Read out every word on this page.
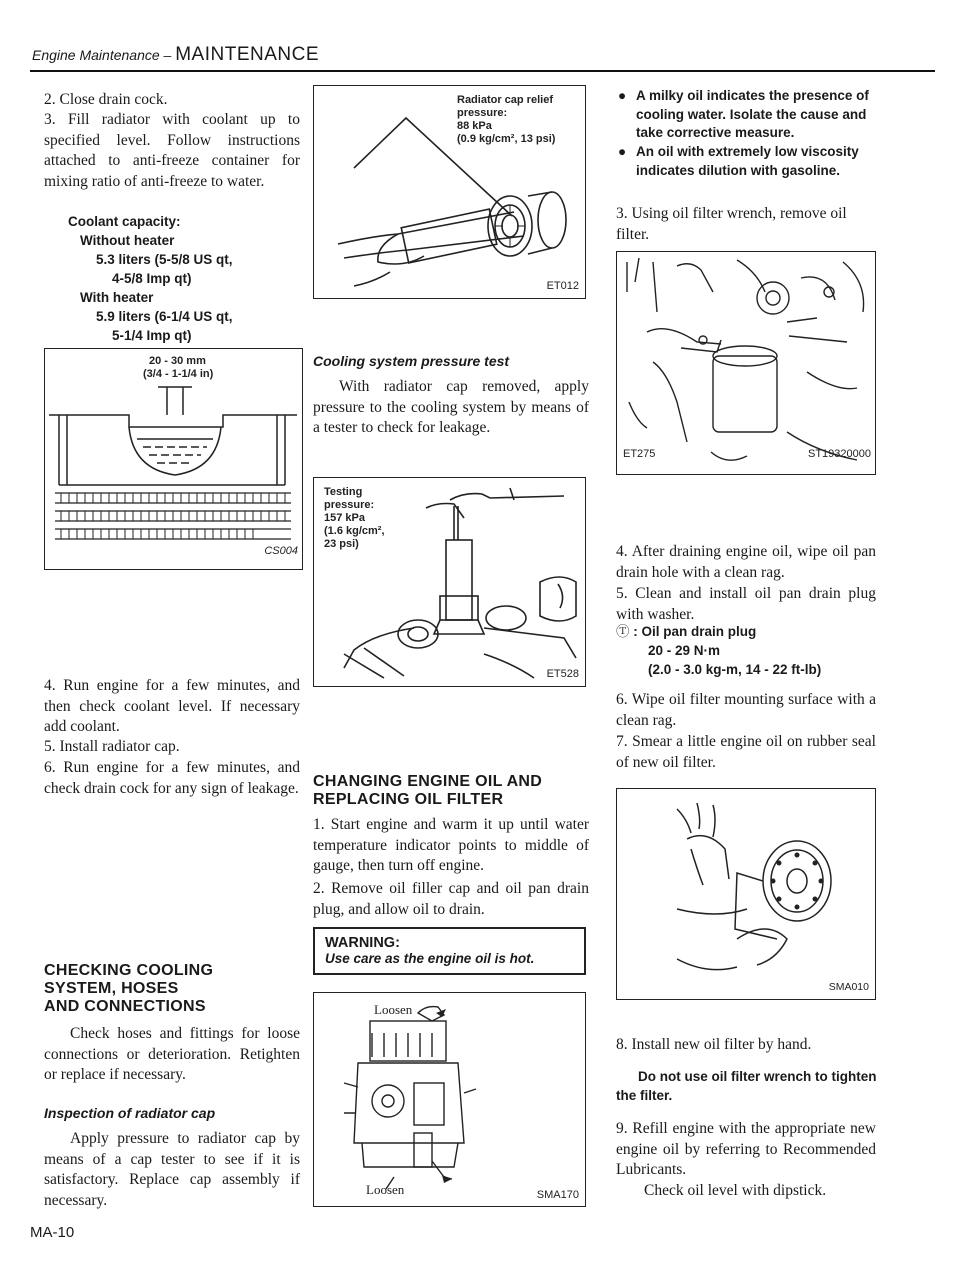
Engine Maintenance – MAINTENANCE

2. Close drain cock.

3. Fill radiator with coolant up to specified level. Follow instructions attached to anti-freeze container for mixing ratio of anti-freeze to water.

Coolant capacity:
Without heater
5.3 liters (5-5/8 US qt,
4-5/8 Imp qt)
With heater
5.9 liters (6-1/4 US qt,
5-1/4 Imp qt)
20 - 30 mm
(3/4 - 1-1/4 in)
CS004

4. Run engine for a few minutes, and then check coolant level. If necessary add coolant.

5. Install radiator cap.

6. Run engine for a few minutes, and check drain cock for any sign of leakage.

CHECKING COOLING
SYSTEM, HOSES
AND CONNECTIONS

Check hoses and fittings for loose connections or deterioration. Retighten or replace if necessary.

Inspection of radiator cap

Apply pressure to radiator cap by means of a cap tester to see if it is satisfactory. Replace cap assembly if necessary.

MA-10
Radiator cap relief
pressure:
88 kPa
(0.9 kg/cm², 13 psi)
ET012
Cooling system pressure test

With radiator cap removed, apply pressure to the cooling system by means of a tester to check for leakage.

Testing
pressure:
157 kPa
(1.6 kg/cm²,
23 psi)
ET528
CHANGING ENGINE OIL AND
REPLACING OIL FILTER

1. Start engine and warm it up until water temperature indicator points to middle of gauge, then turn off engine.

2. Remove oil filler cap and oil pan drain plug, and allow oil to drain.

WARNING:
Use care as the engine oil is hot.
Loosen
Loosen	SMA170
● A milky oil indicates the presence of cooling water. Isolate the cause and take corrective measure.
● An oil with extremely low viscosity indicates dilution with gasoline.

3. Using oil filter wrench, remove oil filter.

ET275	ST19320000

4. After draining engine oil, wipe oil pan drain hole with a clean rag.

5. Clean and install oil pan drain plug with washer.

Ⓣ : Oil pan drain plug
20 - 29 N·m
(2.0 - 3.0 kg-m, 14 - 22 ft-lb)

6. Wipe oil filter mounting surface with a clean rag.

7. Smear a little engine oil on rubber seal of new oil filter.

SMA010

8. Install new oil filter by hand.

Do not use oil filter wrench to tighten the filter.

9. Refill engine with the appropriate new engine oil by referring to Recommended Lubricants.

Check oil level with dipstick.
